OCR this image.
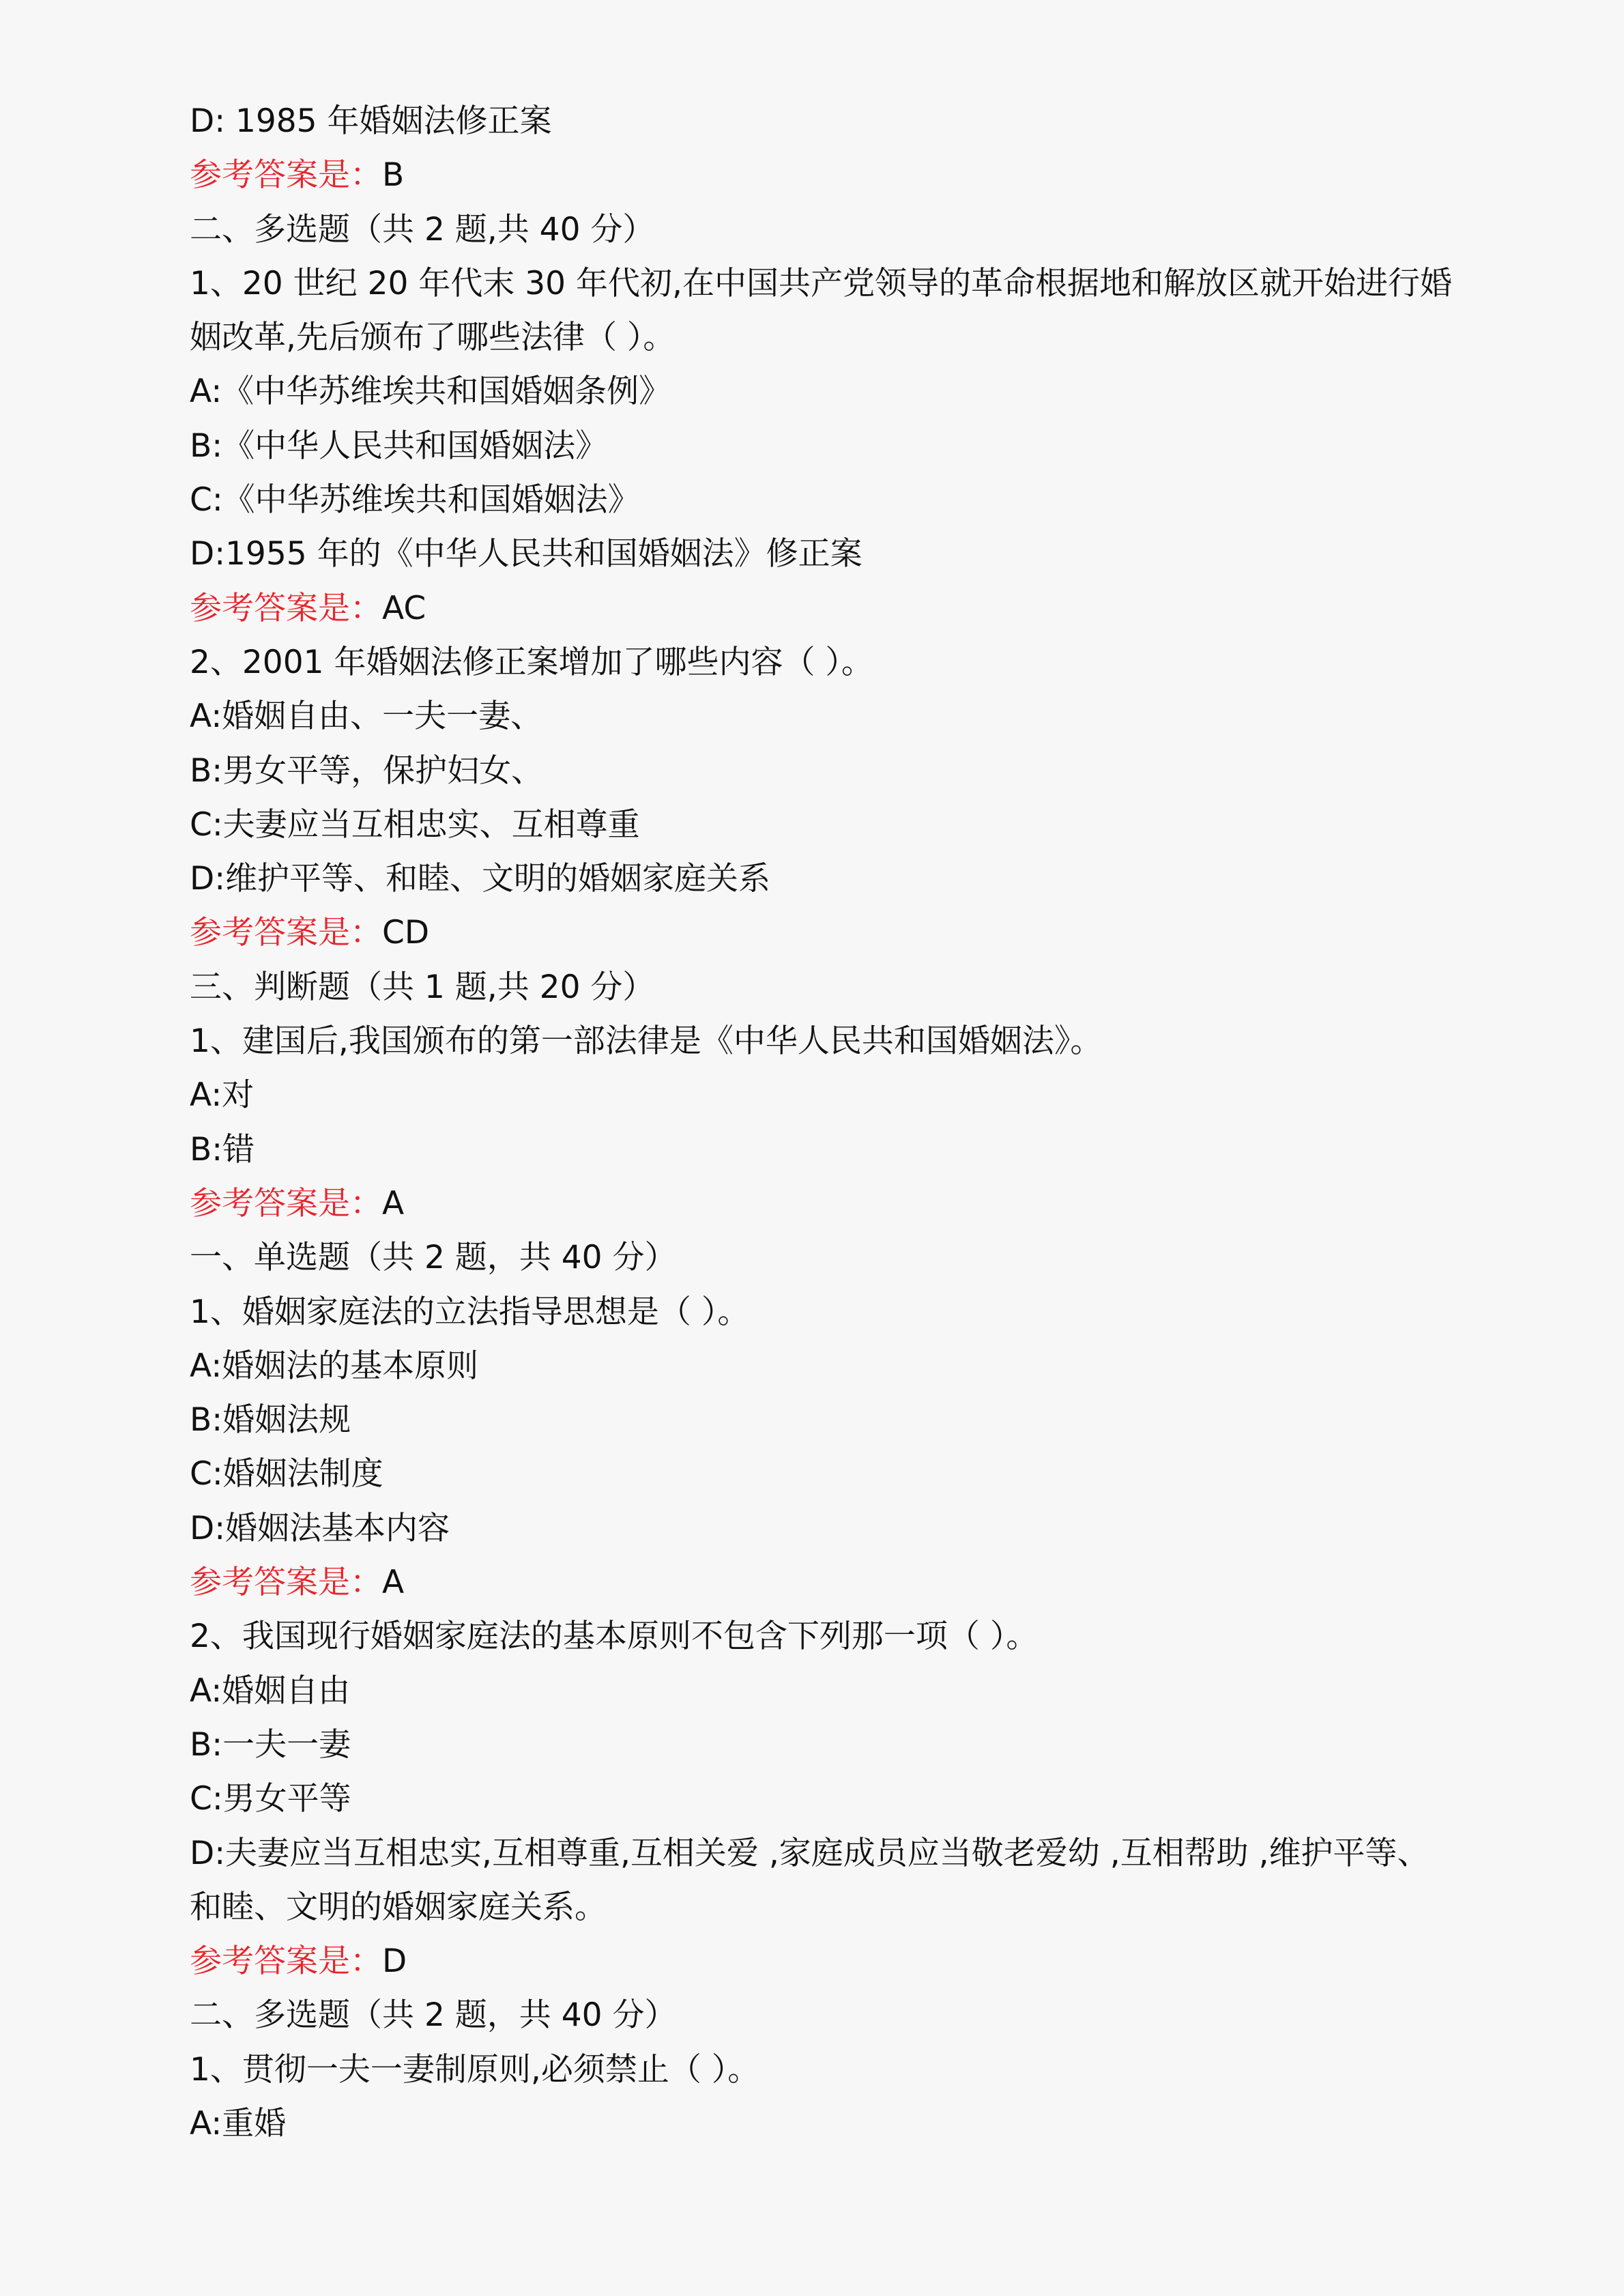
D: 1985 年婚姻法修正案
参考答案是：B
二、多选题（共 2 题,共 40 分）
1、20 世纪 20 年代末 30 年代初,在中国共产党领导的革命根据地和解放区就开始进行婚
姻改革,先后颁布了哪些法律（ ）。
A:《中华苏维埃共和国婚姻条例》
B:《中华人民共和国婚姻法》
C:《中华苏维埃共和国婚姻法》
D:1955 年的《中华人民共和国婚姻法》修正案
参考答案是：AC
2、2001 年婚姻法修正案增加了哪些内容（ ）。
A:婚姻自由、一夫一妻、
B:男女平等，保护妇女、
C:夫妻应当互相忠实、互相尊重
D:维护平等、和睦、文明的婚姻家庭关系
参考答案是：CD
三、判断题（共 1 题,共 20 分）
1、建国后,我国颁布的第一部法律是《中华人民共和国婚姻法》。
A:对
B:错
参考答案是：A
一、单选题（共 2 题，共 40 分）
1、婚姻家庭法的立法指导思想是（ ）。
A:婚姻法的基本原则
B:婚姻法规
C:婚姻法制度
D:婚姻法基本内容
参考答案是：A
2、我国现行婚姻家庭法的基本原则不包含下列那一项（ ）。
A:婚姻自由
B:一夫一妻
C:男女平等
D:夫妻应当互相忠实,互相尊重,互相关爱 ,家庭成员应当敬老爱幼 ,互相帮助 ,维护平等、
和睦、文明的婚姻家庭关系。
参考答案是：D
二、多选题（共 2 题，共 40 分）
1、贯彻一夫一妻制原则,必须禁止（ ）。
A:重婚
